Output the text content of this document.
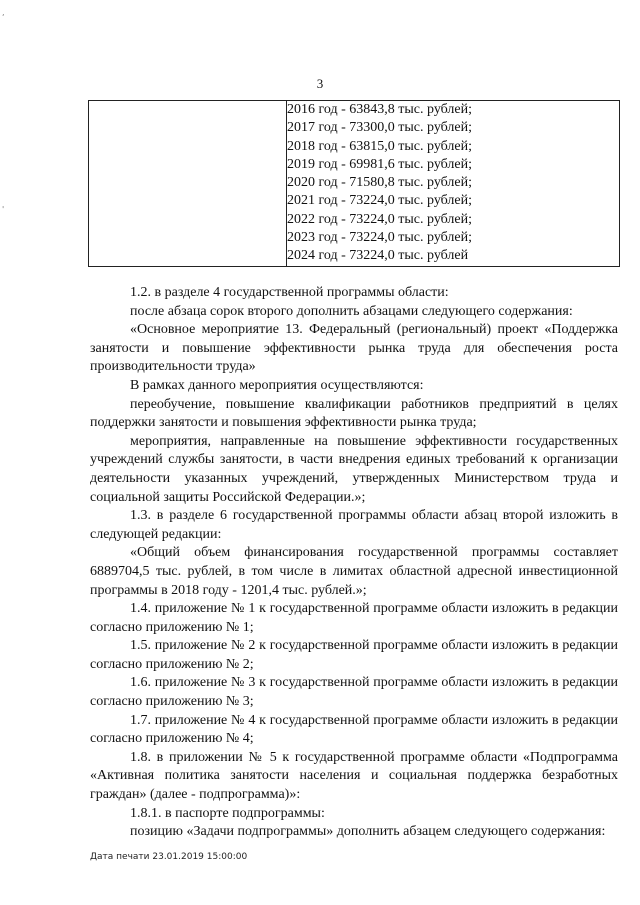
,
'
3

2016 год - 63843,8 тыс. рублей;
2017 год - 73300,0 тыс. рублей;
2018 год - 63815,0 тыс. рублей;
2019 год - 69981,6 тыс. рублей;
2020 год - 71580,8 тыс. рублей;
2021 год - 73224,0 тыс. рублей;
2022 год - 73224,0 тыс. рублей;
2023 год - 73224,0 тыс. рублей;
2024 год - 73224,0 тыс. рублей

1.2. в разделе 4 государственной программы области:

после абзаца сорок второго дополнить абзацами следующего содержания:

«Основное мероприятие 13. Федеральный (региональный) проект «Поддержка занятости и повышение эффективности рынка труда для обеспечения роста производительности труда»

В рамках данного мероприятия осуществляются:

переобучение, повышение квалификации работников предприятий в целях поддержки занятости и повышения эффективности рынка труда;

мероприятия, направленные на повышение эффективности государственных учреждений службы занятости, в части внедрения единых требований к организации деятельности указанных учреждений, утвержденных Министерством труда и социальной защиты Российской Федерации.»;

1.3. в разделе 6 государственной программы области абзац второй изложить в следующей редакции:

«Общий объем финансирования государственной программы составляет 6889704,5 тыс. рублей, в том числе в лимитах областной адресной инвестиционной программы в 2018 году - 1201,4 тыс. рублей.»;

1.4. приложение № 1 к государственной программе области изложить в редакции согласно приложению № 1;

1.5. приложение № 2 к государственной программе области изложить в редакции согласно приложению № 2;

1.6. приложение № 3 к государственной программе области изложить в редакции согласно приложению № 3;

1.7. приложение № 4 к государственной программе области изложить в редакции согласно приложению № 4;

1.8. в приложении № 5 к государственной программе области «Подпрограмма «Активная политика занятости населения и социальная поддержка безработных граждан» (далее - подпрограмма)»:

1.8.1. в паспорте подпрограммы:

позицию «Задачи подпрограммы» дополнить абзацем следующего содержания:

Дата печати 23.01.2019 15:00:00
